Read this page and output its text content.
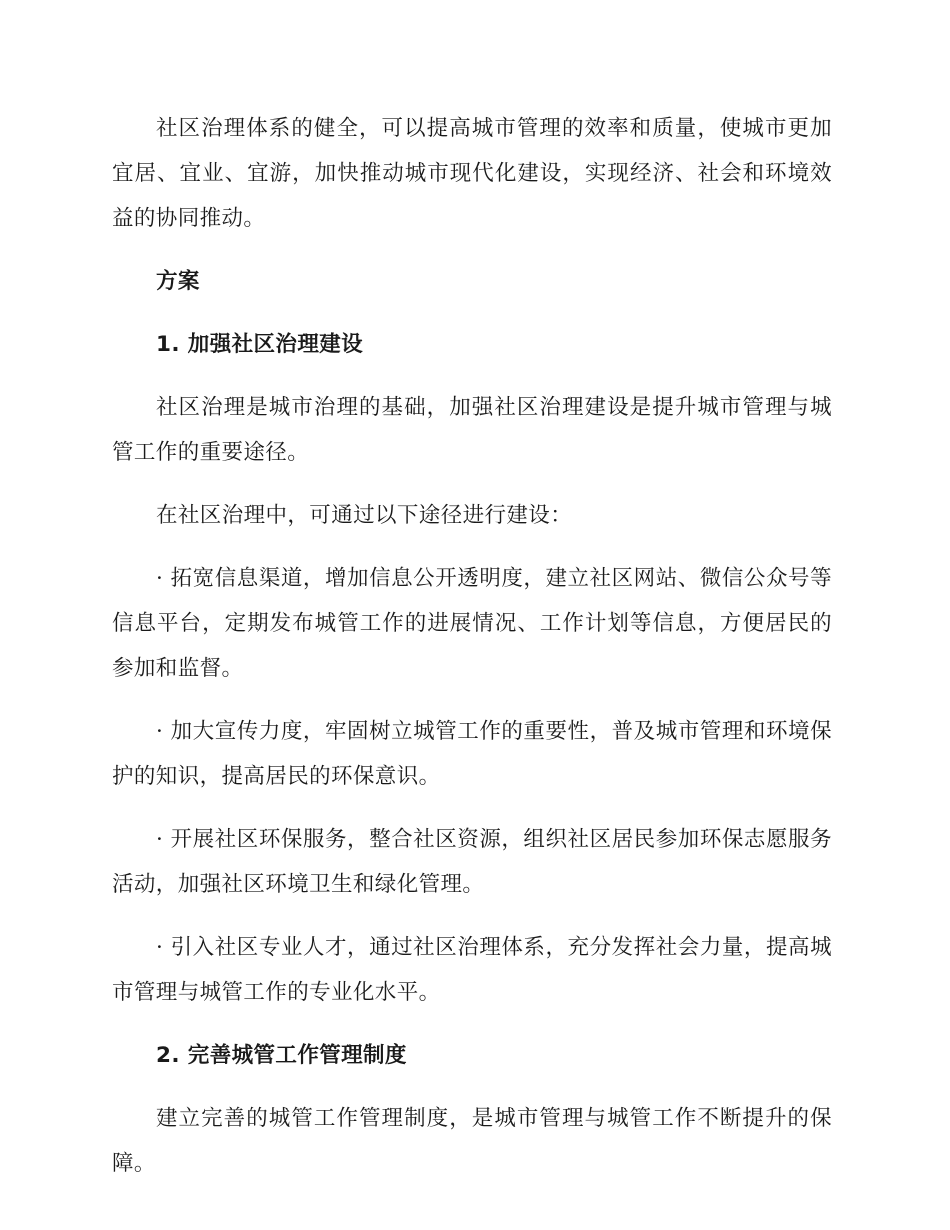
社区治理体系的健全，可以提高城市管理的效率和质量，使城市更加宜居、宜业、宜游，加快推动城市现代化建设，实现经济、社会和环境效益的协同推动。

方案

1. 加强社区治理建设

社区治理是城市治理的基础，加强社区治理建设是提升城市管理与城管工作的重要途径。

在社区治理中，可通过以下途径进行建设：

· 拓宽信息渠道，增加信息公开透明度，建立社区网站、微信公众号等信息平台，定期发布城管工作的进展情况、工作计划等信息，方便居民的参加和监督。

· 加大宣传力度，牢固树立城管工作的重要性，普及城市管理和环境保护的知识，提高居民的环保意识。

· 开展社区环保服务，整合社区资源，组织社区居民参加环保志愿服务活动，加强社区环境卫生和绿化管理。

· 引入社区专业人才，通过社区治理体系，充分发挥社会力量，提高城市管理与城管工作的专业化水平。

2. 完善城管工作管理制度

建立完善的城管工作管理制度，是城市管理与城管工作不断提升的保障。
